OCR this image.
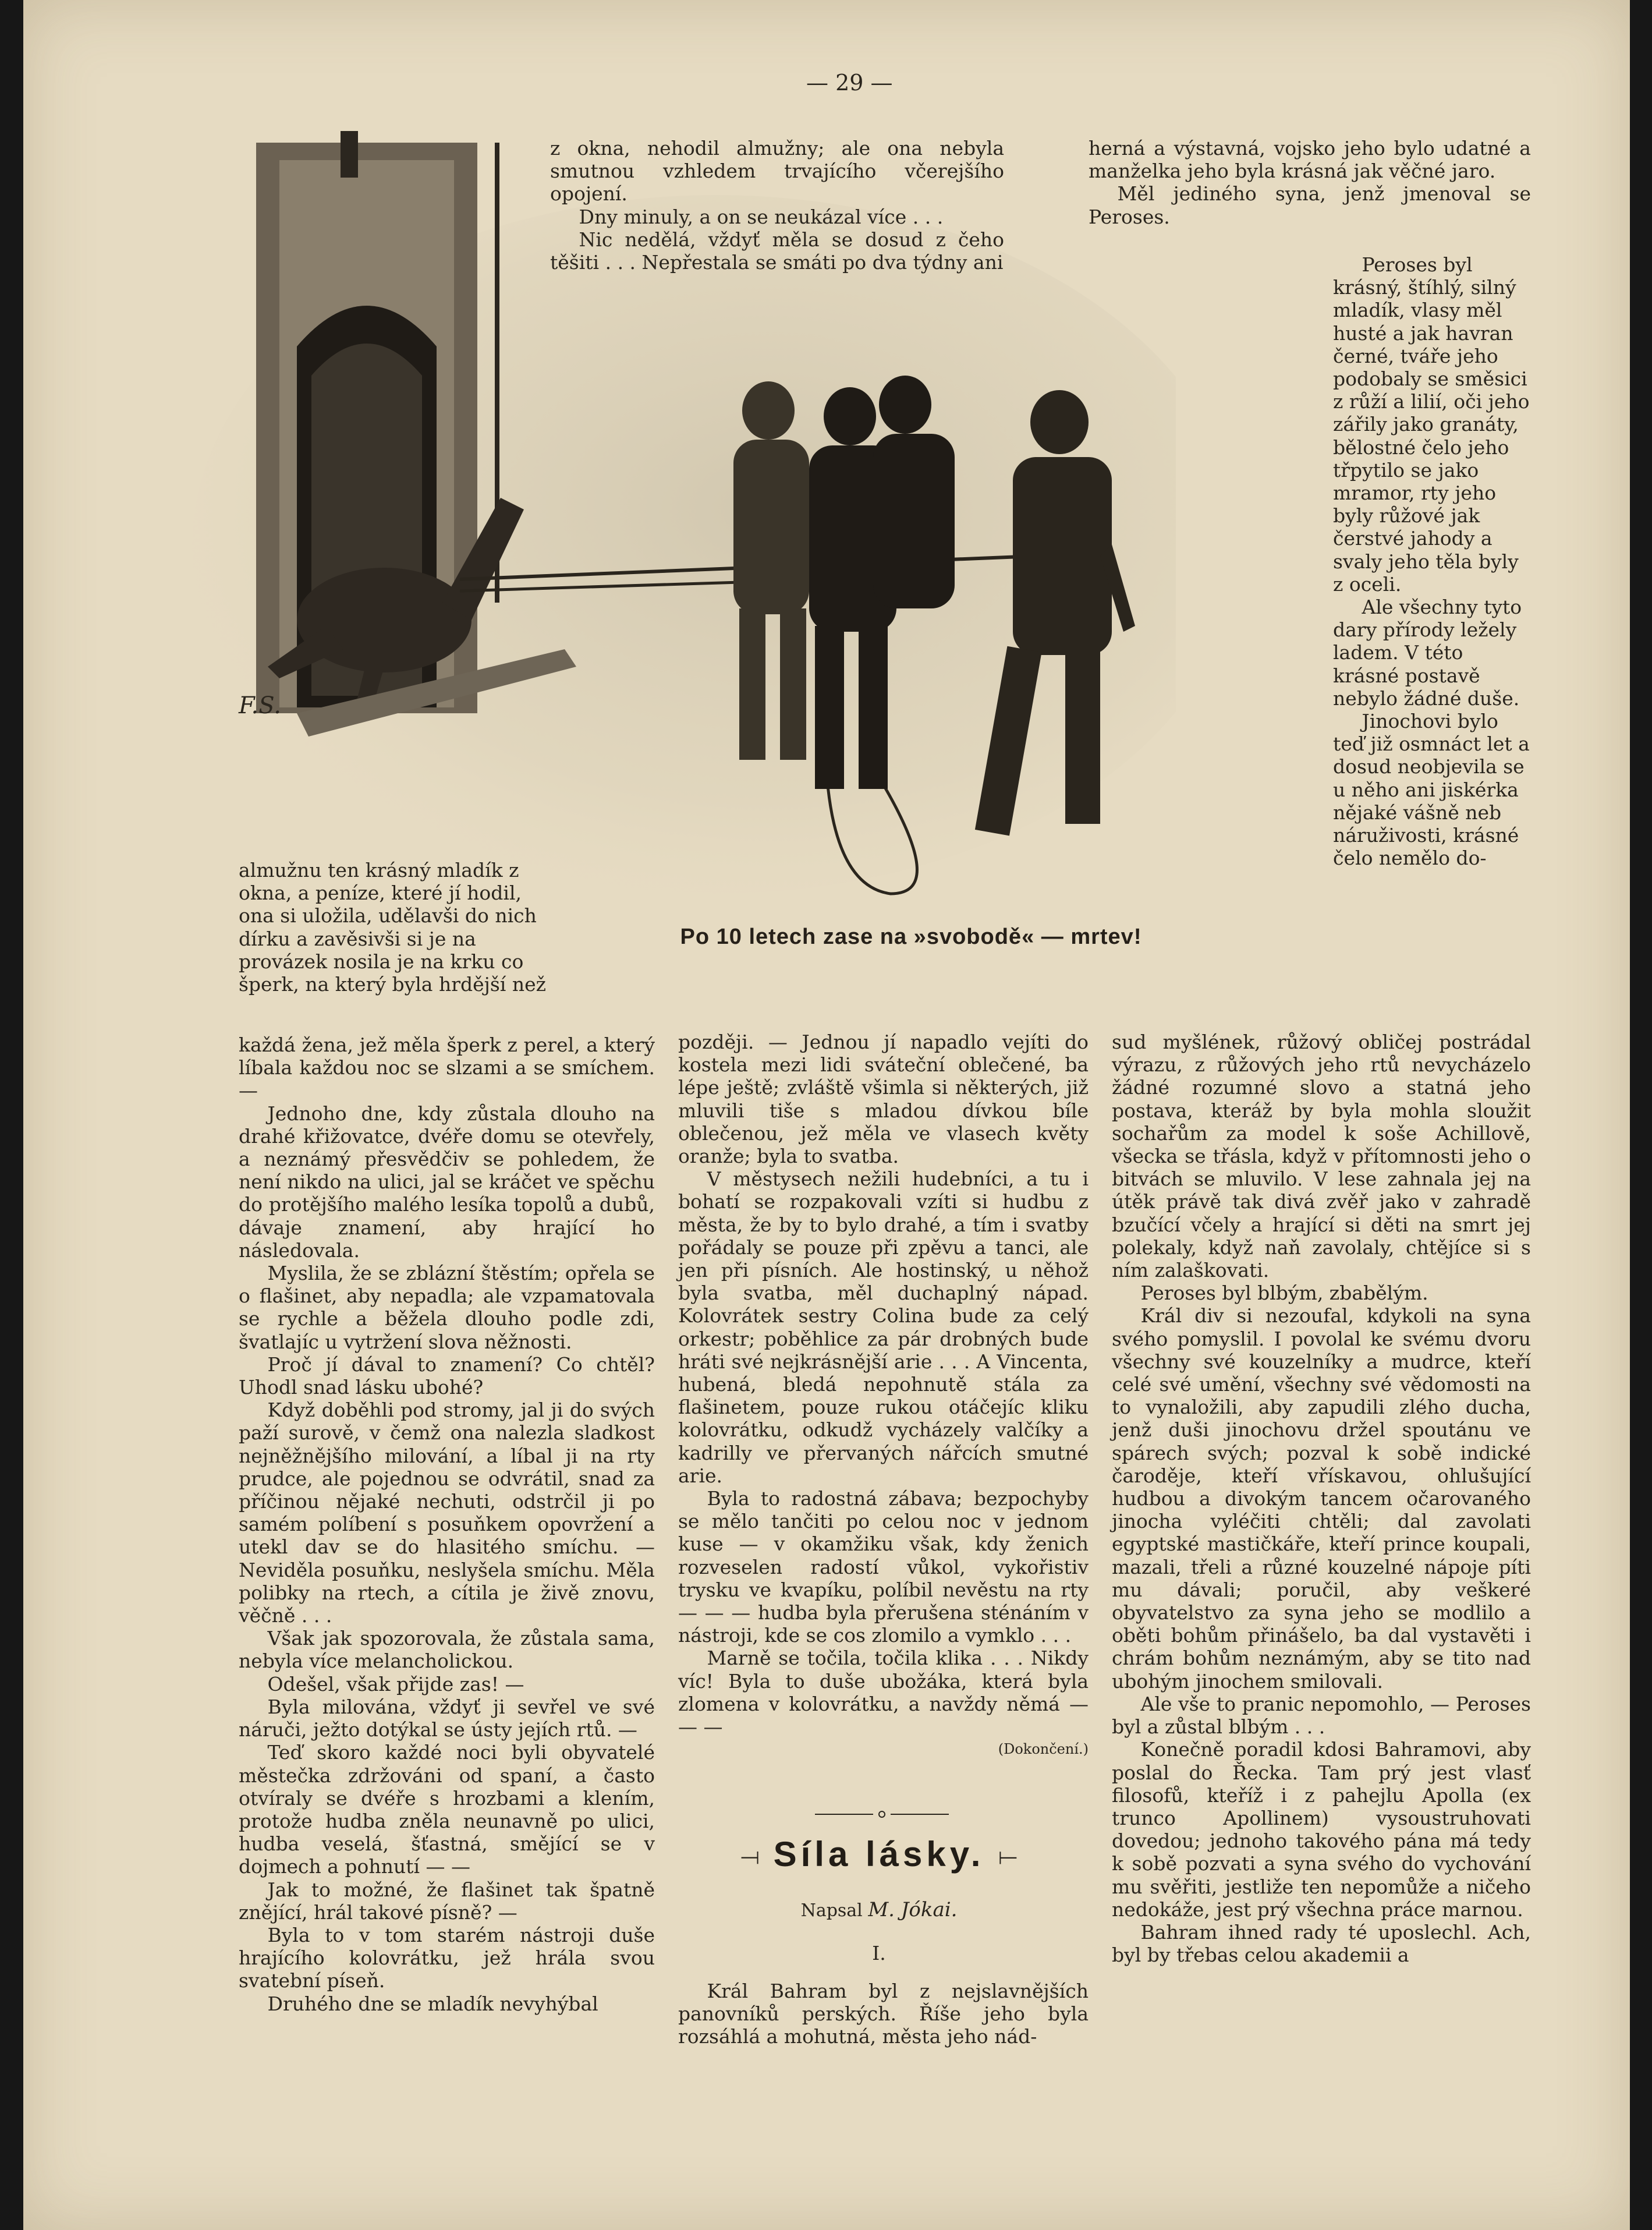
— 29 —
F.S.

z okna, nehodil almužny; ale ona nebyla smutnou vzhledem trvajícího včerejšího opojení.

Dny minuly, a on se neukázal více . . .

Nic nedělá, vždyť měla se dosud z čeho těšiti . . . Nepřestala se smáti po dva týdny ani

herná a výstavná, vojsko jeho bylo udatné a manželka jeho byla krásná jak věčné jaro.

Měl jediného syna, jenž jmenoval se Peroses.

Peroses byl krásný, štíhlý, silný mladík, vlasy měl husté a jak havran černé, tváře jeho podobaly se směsici z růží a lilií, oči jeho zářily jako granáty, bělostné čelo jeho třpytilo se jako mramor, rty jeho byly růžové jak čerstvé jahody a svaly jeho těla byly z oceli.

Ale všechny tyto dary přírody ležely ladem. V této krásné postavě nebylo žádné duše.

Jinochovi bylo teď již osmnáct let a dosud neobjevila se u něho ani jiskérka nějaké vášně neb náruživosti, krásné čelo nemělo do-

almužnu ten krásný mladík z okna, a peníze, které jí hodil, ona si uložila, udělavši do nich dírku a zavěsivši si je na provázek nosila je na krku co šperk, na který byla hrdější než

Po 10 letech zase na »svobodě« — mrtev!

každá žena, jež měla šperk z perel, a který líbala každou noc se slzami a se smíchem. —

Jednoho dne, kdy zůstala dlouho na drahé křižovatce, dvéře domu se otevřely, a neznámý přesvědčiv se pohledem, že není nikdo na ulici, jal se kráčet ve spěchu do protějšího malého lesíka topolů a dubů, dávaje znamení, aby hrající ho následovala.

Myslila, že se zblázní štěstím; opřela se o flašinet, aby nepadla; ale vzpamatovala se rychle a běžela dlouho podle zdi, švatlajíc u vytržení slova něžnosti.

Proč jí dával to znamení? Co chtěl? Uhodl snad lásku ubohé?

Když doběhli pod stromy, jal ji do svých paží surově, v čemž ona nalezla sladkost nejněžnějšího milování, a líbal ji na rty prudce, ale pojednou se odvrátil, snad za příčinou nějaké nechuti, odstrčil ji po samém políbení s posuňkem opovržení a utekl dav se do hlasitého smíchu. — Neviděla posuňku, neslyšela smíchu. Měla polibky na rtech, a cítila je živě znovu, věčně . . .

Však jak spozorovala, že zůstala sama, nebyla více melancholickou.

Odešel, však přijde zas! —

Byla milována, vždyť ji sevřel ve své náruči, ježto dotýkal se ústy jejích rtů. —

Teď skoro každé noci byli obyvatelé městečka zdržováni od spaní, a často otvíraly se dvéře s hrozbami a klením, protože hudba zněla neunavně po ulici, hudba veselá, šťastná, smějící se v dojmech a pohnutí — —

Jak to možné, že flašinet tak špatně znějící, hrál takové písně? —

Byla to v tom starém nástroji duše hrajícího kolovrátku, jež hrála svou svatební píseň.

Druhého dne se mladík nevyhýbal

později. — Jednou jí napadlo vejíti do kostela mezi lidi sváteční oblečené, ba lépe ještě; zvláště všimla si některých, již mluvili tiše s mladou dívkou bíle oblečenou, jež měla ve vlasech květy oranže; byla to svatba.

V městysech nežili hudebníci, a tu i bohatí se rozpakovali vzíti si hudbu z města, že by to bylo drahé, a tím i svatby pořádaly se pouze při zpěvu a tanci, ale jen při písních. Ale hostinský, u něhož byla svatba, měl duchaplný nápad. Kolovrátek sestry Colina bude za celý orkestr; poběhlice za pár drobných bude hráti své nejkrásnější arie . . . A Vincenta, hubená, bledá nepohnutě stála za flašinetem, pouze rukou otáčejíc kliku kolovrátku, odkudž vycházely valčíky a kadrilly ve přervaných nářcích smutné arie.

Byla to radostná zábava; bezpochyby se mělo tančiti po celou noc v jednom kuse — v okamžiku však, kdy ženich rozveselen radostí vůkol, vykořistiv trysku ve kvapíku, políbil nevěstu na rty — — — hudba byla přerušena sténáním v nástroji, kde se cos zlomilo a vymklo . . .

Marně se točila, točila klika . . . Nikdy víc! Byla to duše ubožáka, která byla zlomena v kolovrátku, a navždy němá — — —

(Dokončení.)
⟞ Síla lásky. ⟝
Napsal M. Jókai.
I.

Král Bahram byl z nejslavnějších panovníků perských. Říše jeho byla rozsáhlá a mohutná, města jeho nád-

sud myšlének, růžový obličej postrádal výrazu, z růžových jeho rtů nevycházelo žádné rozumné slovo a statná jeho postava, kteráž by byla mohla sloužit sochařům za model k soše Achillově, všecka se třásla, když v přítomnosti jeho o bitvách se mluvilo. V lese zahnala jej na útěk právě tak divá zvěř jako v zahradě bzučící včely a hrající si děti na smrt jej polekaly, když naň zavolaly, chtějíce si s ním zalaškovati.

Peroses byl blbým, zbabělým.

Král div si nezoufal, kdykoli na syna svého pomyslil. I povolal ke svému dvoru všechny své kouzelníky a mudrce, kteří celé své umění, všechny své vědomosti na to vynaložili, aby zapudili zlého ducha, jenž duši jinochovu držel spoutánu ve spárech svých; pozval k sobě indické čaroděje, kteří vřískavou, ohlušující hudbou a divokým tancem očarovaného jinocha vyléčiti chtěli; dal zavolati egyptské mastičkáře, kteří prince koupali, mazali, třeli a různé kouzelné nápoje píti mu dávali; poručil, aby veškeré obyvatelstvo za syna jeho se modlilo a oběti bohům přinášelo, ba dal vystavěti i chrám bohům neznámým, aby se tito nad ubohým jinochem smilovali.

Ale vše to pranic nepomohlo, — Peroses byl a zůstal blbým . . .

Konečně poradil kdosi Bahramovi, aby poslal do Řecka. Tam prý jest vlasť filosofů, kteříž i z pahejlu Apolla (ex trunco Apollinem) vysoustruhovati dovedou; jednoho takového pána má tedy k sobě pozvati a syna svého do vychování mu svěřiti, jestliže ten nepomůže a ničeho nedokáže, jest prý všechna práce marnou.

Bahram ihned rady té uposlechl. Ach, byl by třebas celou akademii a
